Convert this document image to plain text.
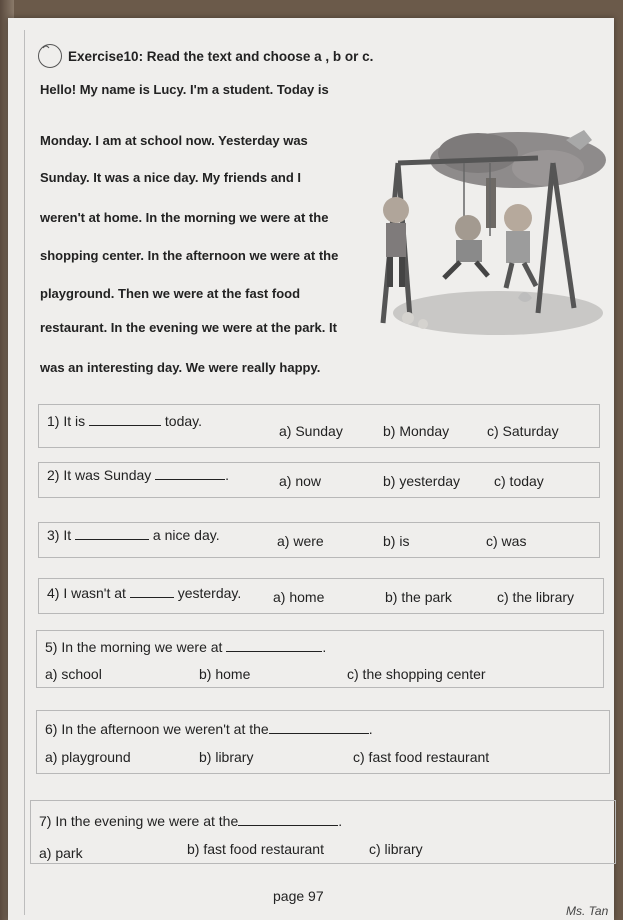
Exercise10: Read the text and choose a , b or c.
Hello! My name is Lucy. I'm a student. Today is
Monday. I am at school now. Yesterday was
Sunday. It was a nice day. My friends and I
weren't at home. In the morning we were at the
shopping center. In the afternoon we were at the
playground. Then we were at the fast food
restaurant. In the evening we were at the park. It
was an interesting day. We were really happy.
1) It is	today.
a) Sunday	b) Monday	c) Saturday
2) It was Sunday	.	a) now	b) yesterday c) today
3) It	a nice day.	a) were	b) is	c) was
4) I wasn't at	yesterday. a) home	b) the park	c) the library
5) In the morning we were at	.
a) school	b) home	c) the shopping center
6) In the afternoon we weren't at the	.
a) playground	b) library	c) fast food restaurant
7) In the evening we were at the	.
a) park	b) fast food restaurant	c) library
page 97
Ms. Tan
